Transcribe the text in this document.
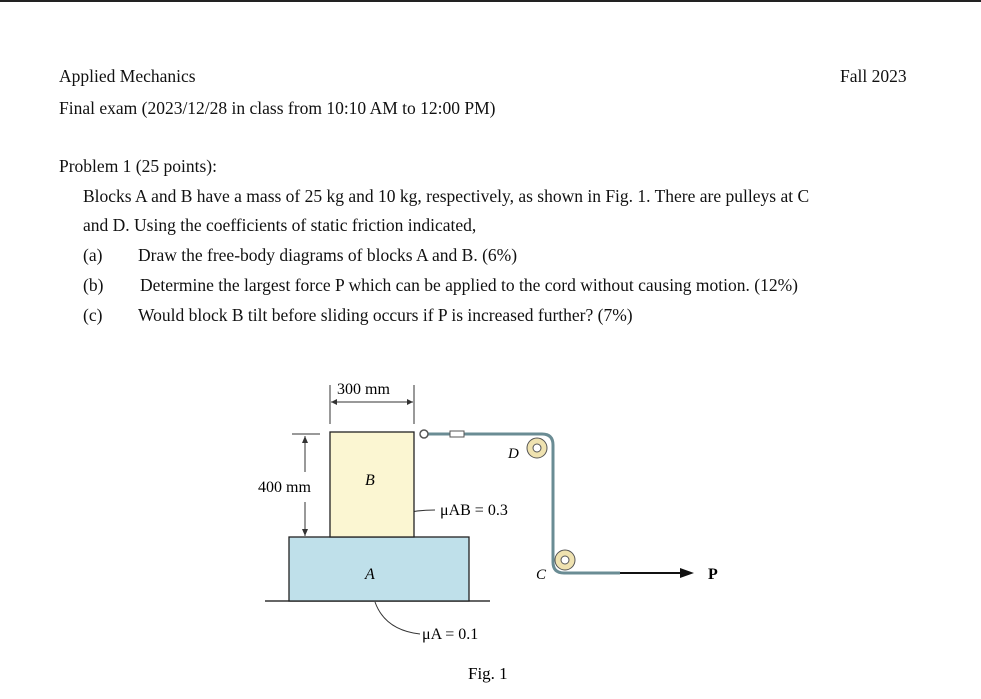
Applied Mechanics	Fall 2023
Final exam (2023/12/28 in class from 10:10 AM to 12:00 PM)
Problem 1 (25 points):
Blocks A and B have a mass of 25 kg and 10 kg, respectively, as shown in Fig. 1. There are pulleys at C
and D. Using the coefficients of static friction indicated,
(a) Draw the free-body diagrams of blocks A and B. (6%)
(b) Determine the largest force P which can be applied to the cord without causing motion. (12%)
(c) Would block B tilt before sliding occurs if P is increased further? (7%)
300 mm
400 mm	B
A
D
C
μAB = 0.3
μA = 0.1
P
Fig. 1
